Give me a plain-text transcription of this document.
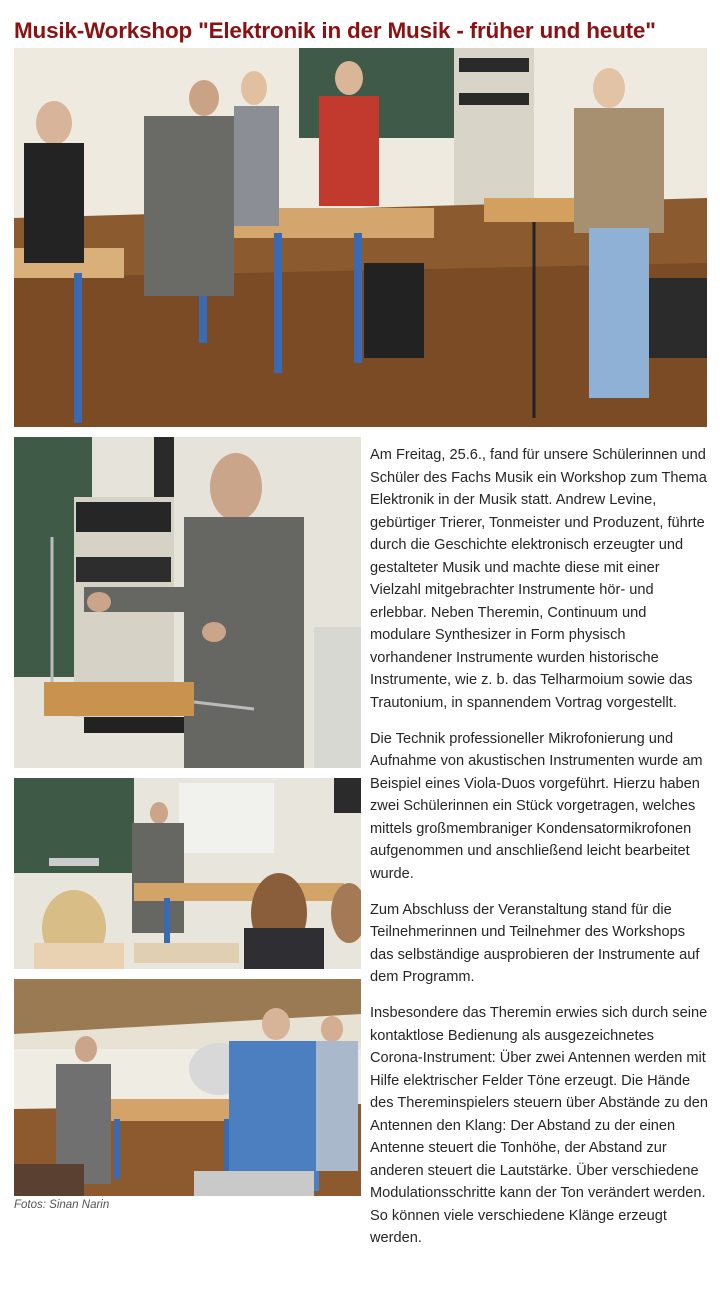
Musik-Workshop "Elektronik in der Musik - früher und heute"
Fotos: Sinan Narin

Am Freitag, 25.6., fand für unsere Schülerinnen und Schüler des Fachs Musik ein Workshop zum Thema Elektronik in der Musik statt. Andrew Levine, gebürtiger Trierer, Tonmeister und Produzent, führte durch die Geschichte elektronisch erzeugter und gestalteter Musik und machte diese mit einer Vielzahl mitgebrachter Instrumente hör- und erlebbar. Neben Theremin, Continuum und modulare Synthesizer in Form physisch vorhandener Instrumente wurden historische Instrumente, wie z. b. das Telharmoium sowie das Trautonium, in spannendem Vortrag vorgestellt.

Die Technik professioneller Mikrofonierung und Aufnahme von akustischen Instrumenten wurde am Beispiel eines Viola-Duos vorgeführt. Hierzu haben zwei Schülerinnen ein Stück vorgetragen, welches mittels großmembraniger Kondensatormikrofonen aufgenommen und anschließend leicht bearbeitet wurde.

Zum Abschluss der Veranstaltung stand für die Teilnehmerinnen und Teilnehmer des Workshops das selbständige ausprobieren der Instrumente auf dem Programm.

Insbesondere das Theremin erwies sich durch seine kontaktlose Bedienung als ausgezeichnetes Corona-Instrument: Über zwei Antennen werden mit Hilfe elektrischer Felder Töne erzeugt. Die Hände des Thereminspielers steuern über Abstände zu den Antennen den Klang: Der Abstand zu der einen Antenne steuert die Tonhöhe, der Abstand zur anderen steuert die Lautstärke. Über verschiedene Modulationsschritte kann der Ton verändert werden. So können viele verschiedene Klänge erzeugt werden.
